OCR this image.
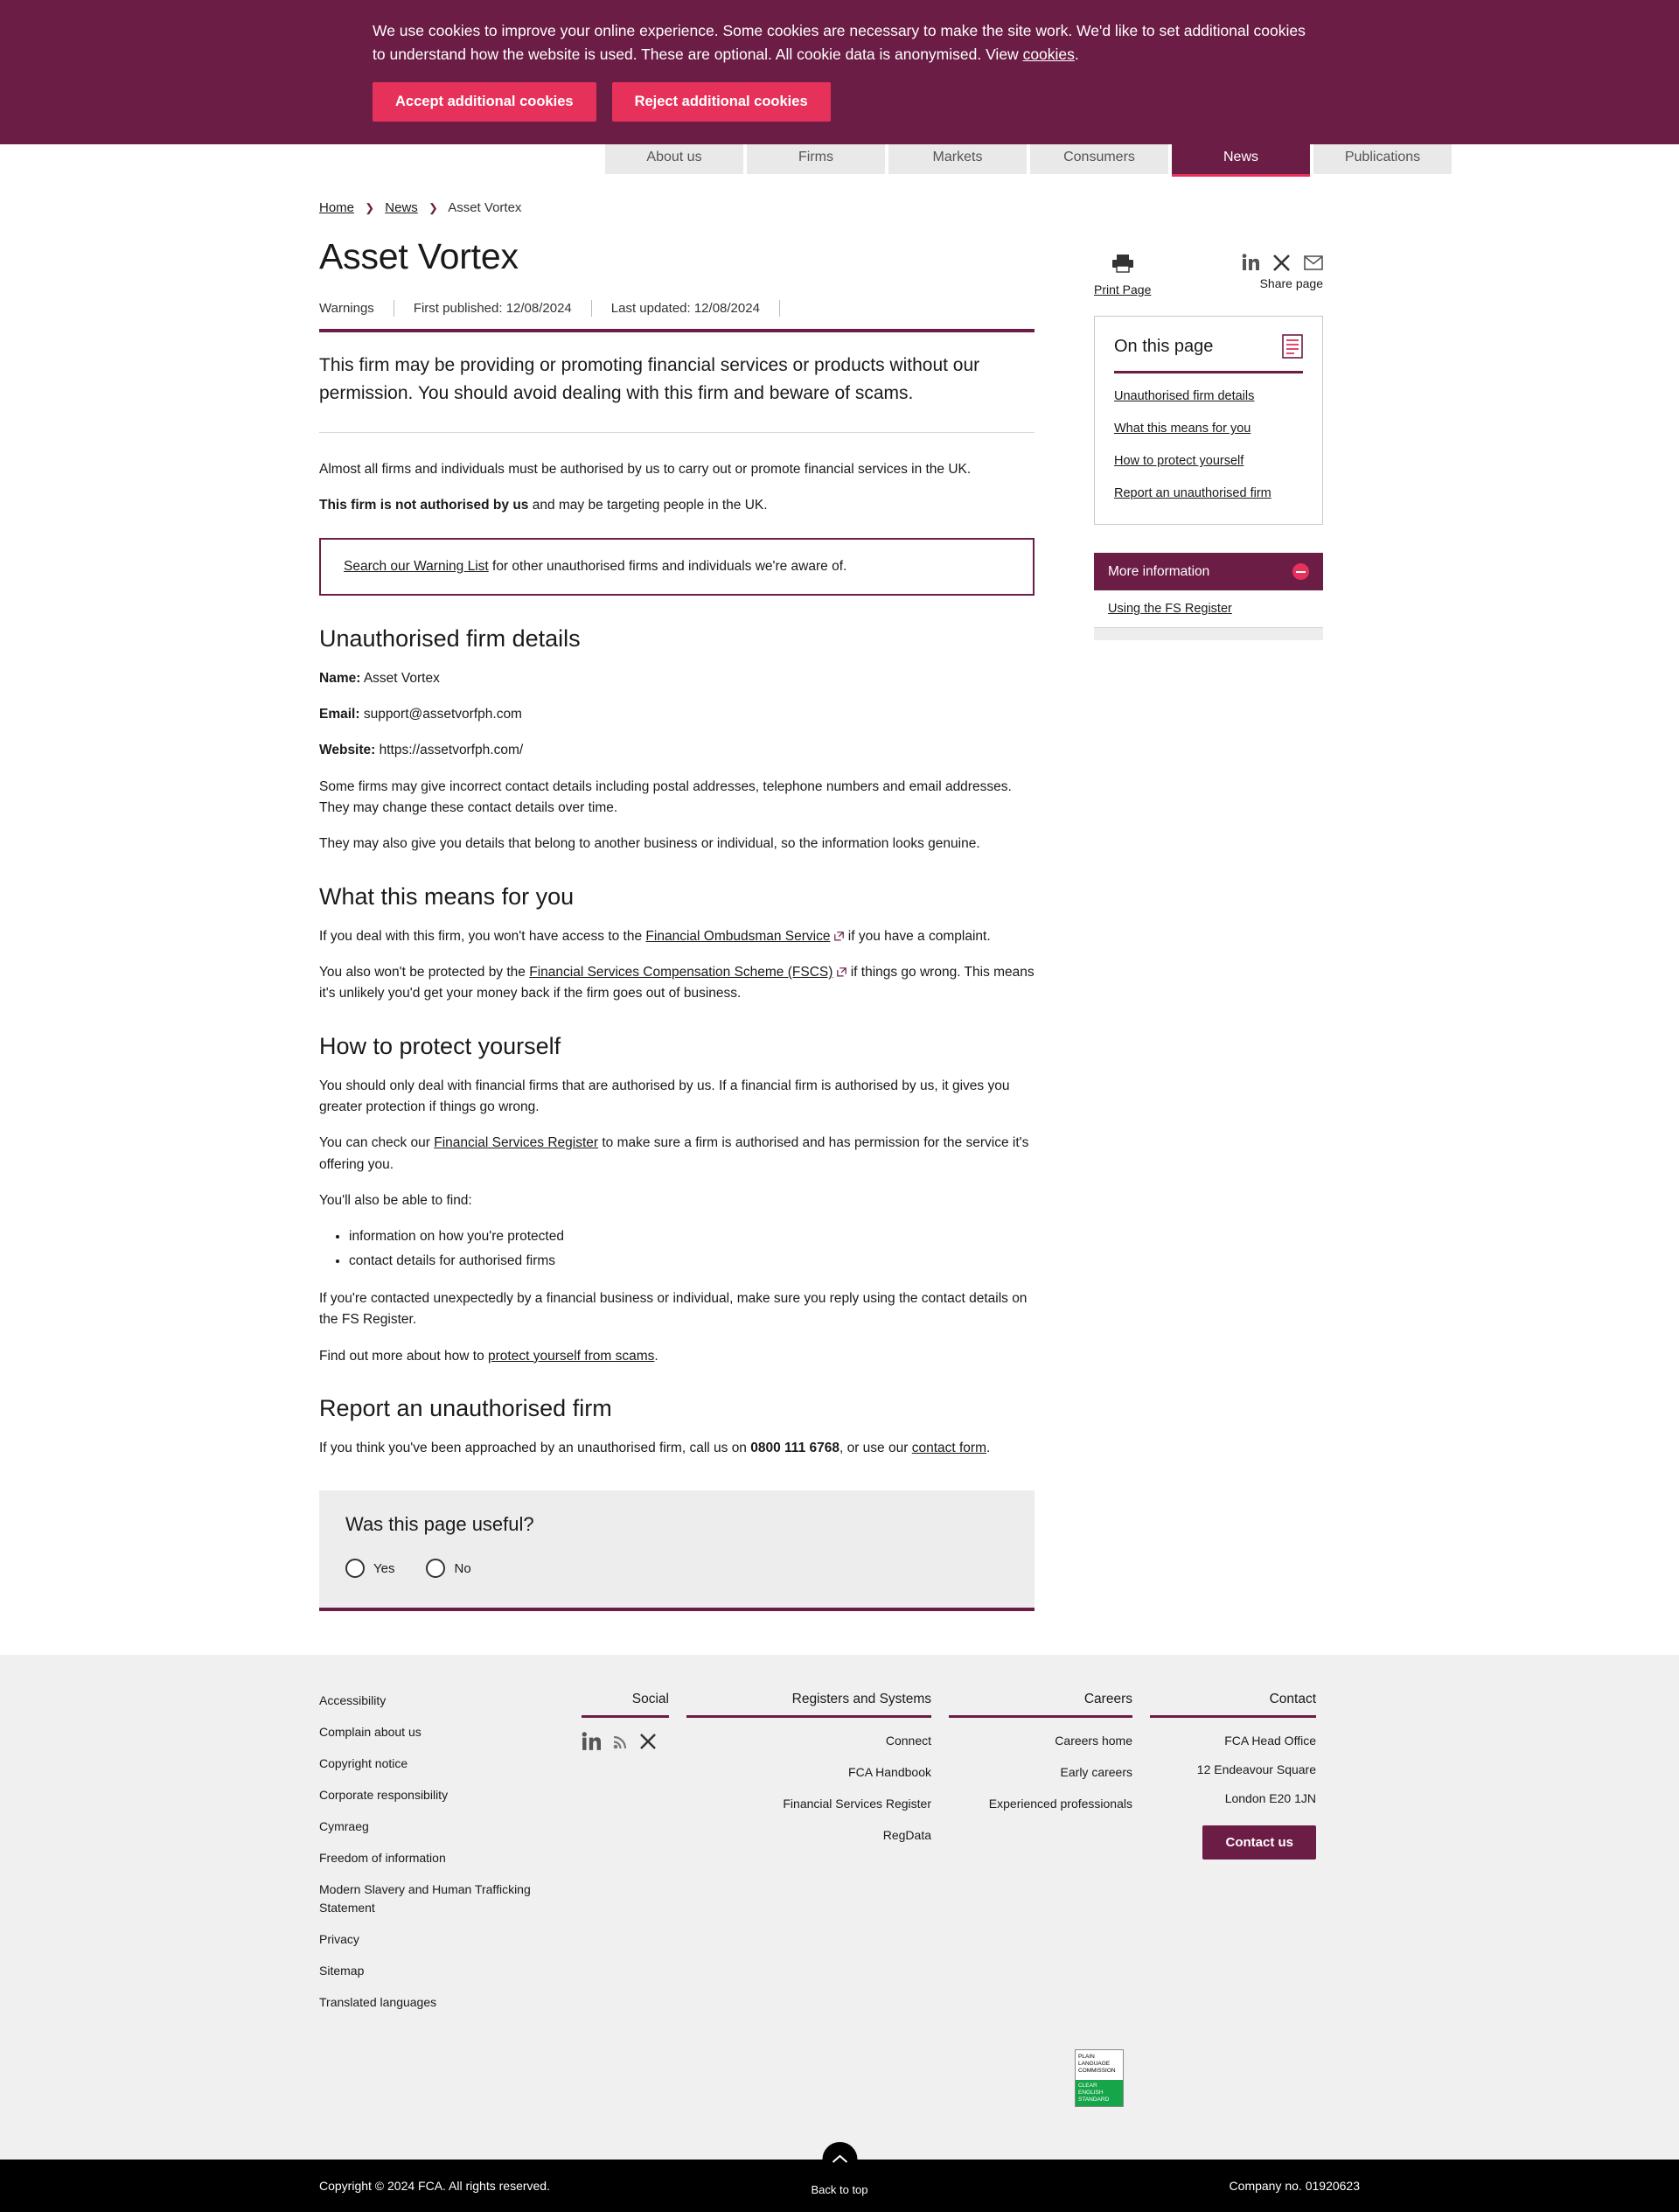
We use cookies to improve your online experience. Some cookies are necessary to make the site work. We'd like to set additional cookies to understand how the website is used. These are optional. All cookie data is anonymised. View cookies.

Accept additional cookies	Reject additional cookies
About us	Firms	Markets	Consumers	News	Publications
Home ❯ News ❯ Asset Vortex
Asset Vortex
Warnings	First published: 12/08/2024	Last updated: 12/08/2024

This firm may be providing or promoting financial services or products without our permission. You should avoid dealing with this firm and beware of scams.

Almost all firms and individuals must be authorised by us to carry out or promote financial services in the UK.

This firm is not authorised by us and may be targeting people in the UK.

Search our Warning List for other unauthorised firms and individuals we're aware of.
Unauthorised firm details

Name: Asset Vortex

Email: support@assetvorfph.com

Website: https://assetvorfph.com/

Some firms may give incorrect contact details including postal addresses, telephone numbers and email addresses. They may change these contact details over time.

They may also give you details that belong to another business or individual, so the information looks genuine.

What this means for you

If you deal with this firm, you won't have access to the Financial Ombudsman Service if you have a complaint.

You also won't be protected by the Financial Services Compensation Scheme (FSCS) if things go wrong. This means it's unlikely you'd get your money back if the firm goes out of business.

How to protect yourself

You should only deal with financial firms that are authorised by us. If a financial firm is authorised by us, it gives you greater protection if things go wrong.

You can check our Financial Services Register to make sure a firm is authorised and has permission for the service it's offering you.

You'll also be able to find:

• information on how you're protected
• contact details for authorised firms

If you're contacted unexpectedly by a financial business or individual, make sure you reply using the contact details on the FS Register.

Find out more about how to protect yourself from scams.

Report an unauthorised firm

If you think you've been approached by an unauthorised firm, call us on 0800 111 6768, or use our contact form.

Was this page useful?
Yes	No
Print Page	Share page
On this page
Unauthorised firm details
What this means for you
How to protect yourself
Report an unauthorised firm
More information
Using the FS Register
Accessibility
Complain about us
Copyright notice
Corporate responsibility
Cymraeg
Freedom of information
Modern Slavery and Human Trafficking Statement
Privacy
Sitemap
Translated languages
Social	Registers and Systems
Connect
FCA Handbook
Financial Services Register
RegData
Careers
Careers home
Early careers
Experienced professionals
Contact
FCA Head Office
12 Endeavour Square
London E20 1JN
Contact us
PLAIN
LANGUAGE
COMMISSION
CLEAR
ENGLISH
STANDARD
Back to top
Copyright © 2024 FCA. All rights reserved.	Company no. 01920623
